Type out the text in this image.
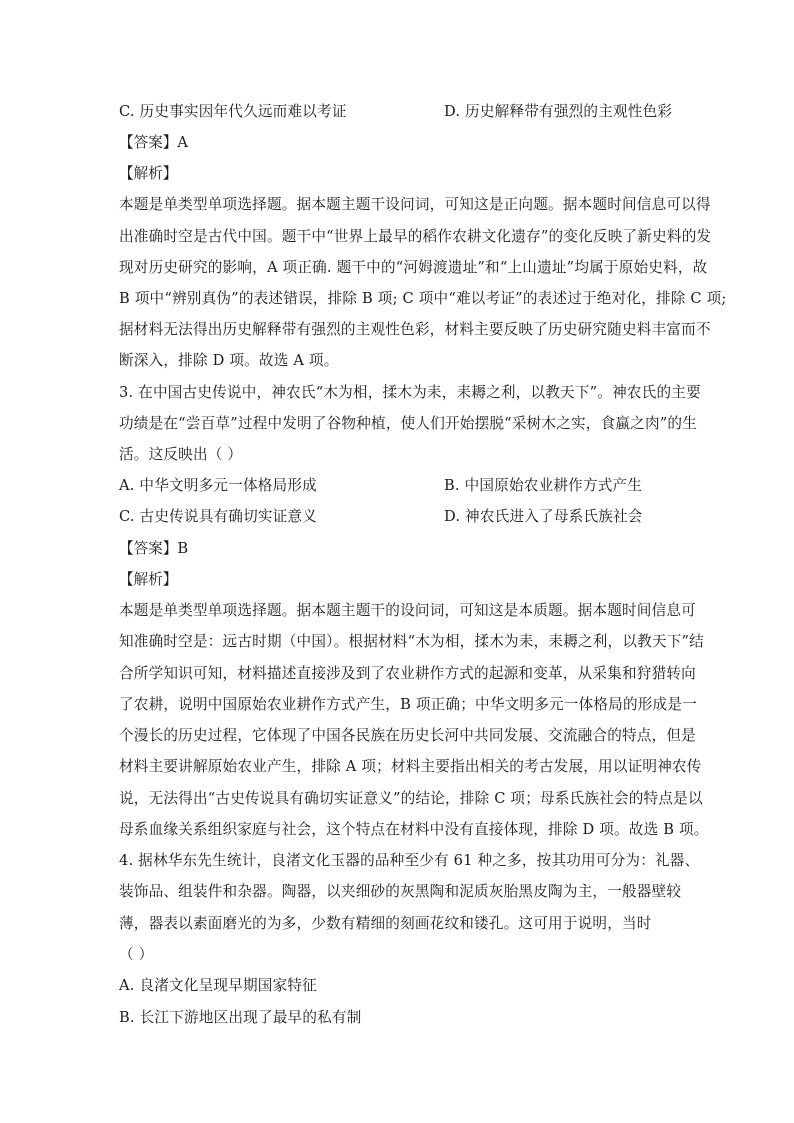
C. 历史事实因年代久远而难以考证	D. 历史解释带有强烈的主观性色彩
【答案】A
【解析】
本题是单类型单项选择题。据本题主题干设问词，可知这是正向题。据本题时间信息可以得
出准确时空是古代中国。题干中“世界上最早的稻作农耕文化遗存”的变化反映了新史料的发
现对历史研究的影响，A 项正确. 题干中的“河姆渡遗址”和“上山遗址”均属于原始史料，故
B 项中“辨别真伪”的表述错误，排除 B 项; C 项中“难以考证”的表述过于绝对化，排除 C 项;
据材料无法得出历史解释带有强烈的主观性色彩，材料主要反映了历史研究随史料丰富而不
断深入，排除 D 项。故选 A 项。
3. 在中国古史传说中，神农氏“木为相，揉木为耒，耒耨之利，以教天下”。神农氏的主要
功绩是在“尝百草”过程中发明了谷物种植，使人们开始摆脱“采树木之实，食蠃之肉”的生
活。这反映出（ ）
A. 中华文明多元一体格局形成	B. 中国原始农业耕作方式产生
C. 古史传说具有确切实证意义	D. 神农氏进入了母系氏族社会
【答案】B
【解析】
本题是单类型单项选择题。据本题主题干的设问词，可知这是本质题。据本题时间信息可
知准确时空是：远古时期（中国）。根据材料“木为相，揉木为耒，耒耨之利，以教天下”结
合所学知识可知，材料描述直接涉及到了农业耕作方式的起源和变革，从采集和狩猎转向
了农耕，说明中国原始农业耕作方式产生，B 项正确；中华文明多元一体格局的形成是一
个漫长的历史过程，它体现了中国各民族在历史长河中共同发展、交流融合的特点，但是
材料主要讲解原始农业产生，排除 A 项；材料主要指出相关的考古发展，用以证明神农传
说，无法得出“古史传说具有确切实证意义”的结论，排除 C 项；母系氏族社会的特点是以
母系血缘关系组织家庭与社会，这个特点在材料中没有直接体现，排除 D 项。故选 B 项。
4. 据林华东先生统计，良渚文化玉器的品种至少有 61 种之多，按其功用可分为：礼器、
装饰品、组装件和杂器。陶器，以夹细砂的灰黑陶和泥质灰胎黑皮陶为主，一般器壁较
薄，器表以素面磨光的为多，少数有精细的刻画花纹和镂孔。这可用于说明，当时
（ ）
A. 良渚文化呈现早期国家特征
B. 长江下游地区出现了最早的私有制
